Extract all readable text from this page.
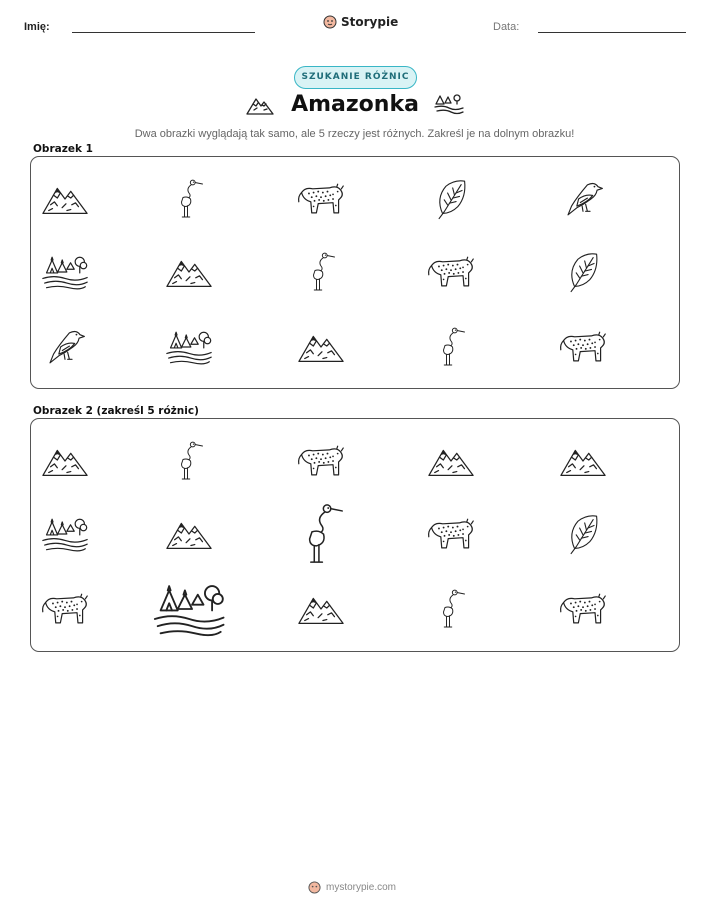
Imię:	Storypie	Data:
SZUKANIE RÓŻNIC
Amazonka
Dwa obrazki wyglądają tak samo, ale 5 rzeczy jest różnych. Zakreśl je na dolnym obrazku!
Obrazek 1
Obrazek 2 (zakreśl 5 różnic)
mystorypie.com
